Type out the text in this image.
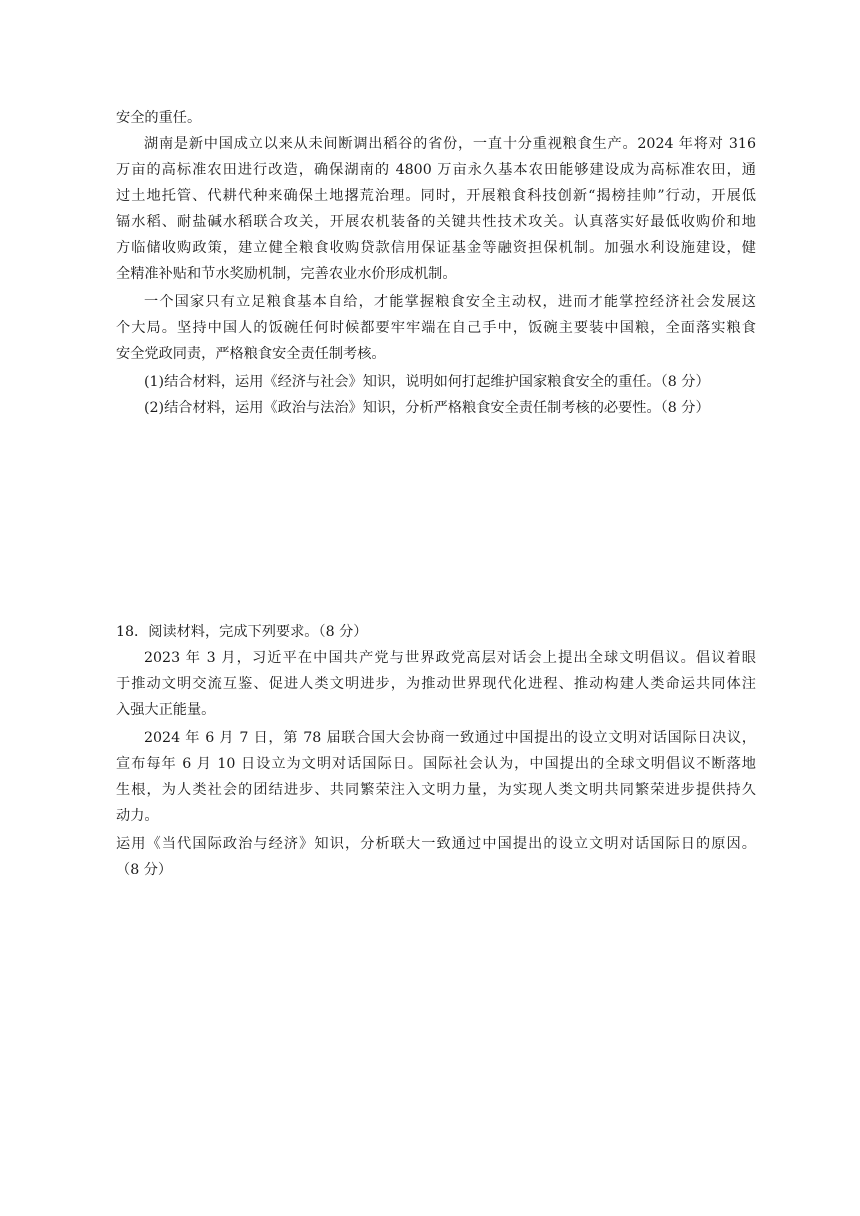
安全的重任。
湖南是新中国成立以来从未间断调出稻谷的省份，一直十分重视粮食生产。2024 年将对 316
万亩的高标准农田进行改造，确保湖南的 4800 万亩永久基本农田能够建设成为高标准农田，通
过土地托管、代耕代种来确保土地撂荒治理。同时，开展粮食科技创新“揭榜挂帅”行动，开展低
镉水稻、耐盐碱水稻联合攻关，开展农机装备的关键共性技术攻关。认真落实好最低收购价和地
方临储收购政策，建立健全粮食收购贷款信用保证基金等融资担保机制。加强水利设施建设，健
全精准补贴和节水奖励机制，完善农业水价形成机制。
一个国家只有立足粮食基本自给，才能掌握粮食安全主动权，进而才能掌控经济社会发展这
个大局。坚持中国人的饭碗任何时候都要牢牢端在自己手中，饭碗主要装中国粮，全面落实粮食
安全党政同责，严格粮食安全责任制考核。
(1)结合材料，运用《经济与社会》知识，说明如何打起维护国家粮食安全的重任。（8 分）
(2)结合材料，运用《政治与法治》知识，分析严格粮食安全责任制考核的必要性。（8 分）
18．阅读材料，完成下列要求。（8 分）
2023 年 3 月，习近平在中国共产党与世界政党高层对话会上提出全球文明倡议。倡议着眼
于推动文明交流互鉴、促进人类文明进步，为推动世界现代化进程、推动构建人类命运共同体注
入强大正能量。
2024 年 6 月 7 日，第 78 届联合国大会协商一致通过中国提出的设立文明对话国际日决议，
宣布每年 6 月 10 日设立为文明对话国际日。国际社会认为，中国提出的全球文明倡议不断落地
生根，为人类社会的团结进步、共同繁荣注入文明力量，为实现人类文明共同繁荣进步提供持久
动力。
运用《当代国际政治与经济》知识，分析联大一致通过中国提出的设立文明对话国际日的原因。
（8 分）
